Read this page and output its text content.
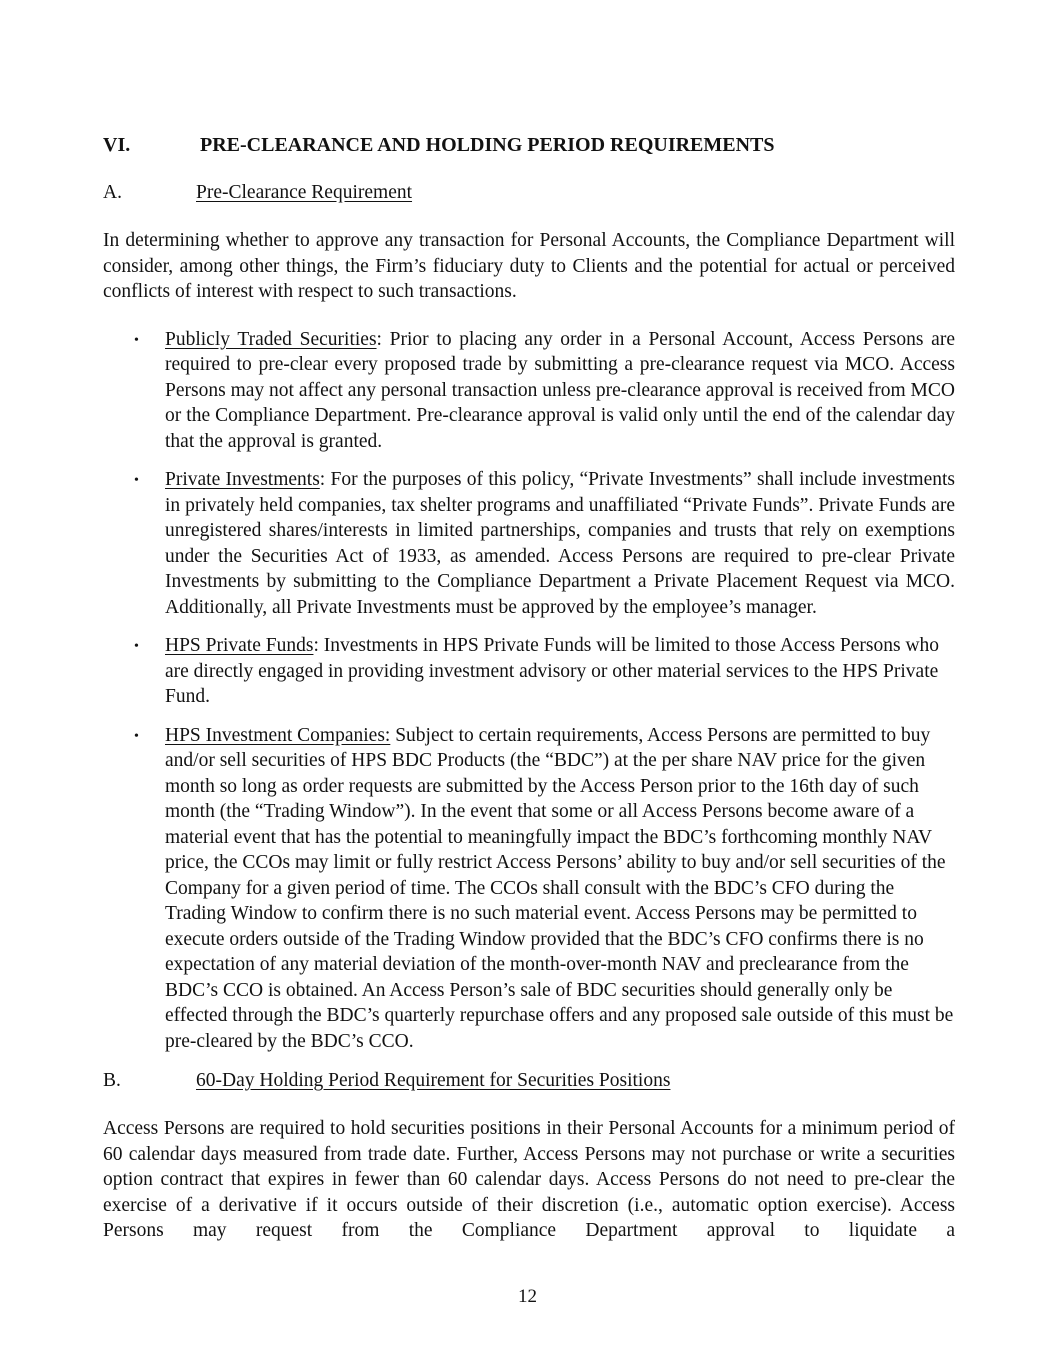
VI.	PRE-CLEARANCE AND HOLDING PERIOD REQUIREMENTS
A.	Pre-Clearance Requirement

In determining whether to approve any transaction for Personal Accounts, the Compliance Department will consider, among other things, the Firm’s fiduciary duty to Clients and the potential for actual or perceived conflicts of interest with respect to such transactions.

• Publicly Traded Securities: Prior to placing any order in a Personal Account, Access Persons are required to pre-clear every proposed trade by submitting a pre-clearance request via MCO. Access Persons may not affect any personal transaction unless pre-clearance approval is received from MCO or the Compliance Department. Pre-clearance approval is valid only until the end of the calendar day that the approval is granted.
• Private Investments: For the purposes of this policy, “Private Investments” shall include investments in privately held companies, tax shelter programs and unaffiliated “Private Funds”. Private Funds are unregistered shares/interests in limited partnerships, companies and trusts that rely on exemptions under the Securities Act of 1933, as amended. Access Persons are required to pre-clear Private Investments by submitting to the Compliance Department a Private Placement Request via MCO. Additionally, all Private Investments must be approved by the employee’s manager.
• HPS Private Funds: Investments in HPS Private Funds will be limited to those Access Persons who are directly engaged in providing investment advisory or other material services to the HPS Private Fund.
• HPS Investment Companies: Subject to certain requirements, Access Persons are permitted to buy and/or sell securities of HPS BDC Products (the “BDC”) at the per share NAV price for the given month so long as order requests are submitted by the Access Person prior to the 16th day of such month (the “Trading Window”). In the event that some or all Access Persons become aware of a material event that has the potential to meaningfully impact the BDC’s forthcoming monthly NAV price, the CCOs may limit or fully restrict Access Persons’ ability to buy and/or sell securities of the Company for a given period of time. The CCOs shall consult with the BDC’s CFO during the Trading Window to confirm there is no such material event. Access Persons may be permitted to execute orders outside of the Trading Window provided that the BDC’s CFO confirms there is no expectation of any material deviation of the month-over-month NAV and preclearance from the BDC’s CCO is obtained. An Access Person’s sale of BDC securities should generally only be effected through the BDC’s quarterly repurchase offers and any proposed sale outside of this must be pre-cleared by the BDC’s CCO.
B.	60-Day Holding Period Requirement for Securities Positions

Access Persons are required to hold securities positions in their Personal Accounts for a minimum period of 60 calendar days measured from trade date. Further, Access Persons may not purchase or write a securities option contract that expires in fewer than 60 calendar days. Access Persons do not need to pre-clear the exercise of a derivative if it occurs outside of their discretion (i.e., automatic option exercise). Access Persons may request from the Compliance Department approval to liquidate a

12
